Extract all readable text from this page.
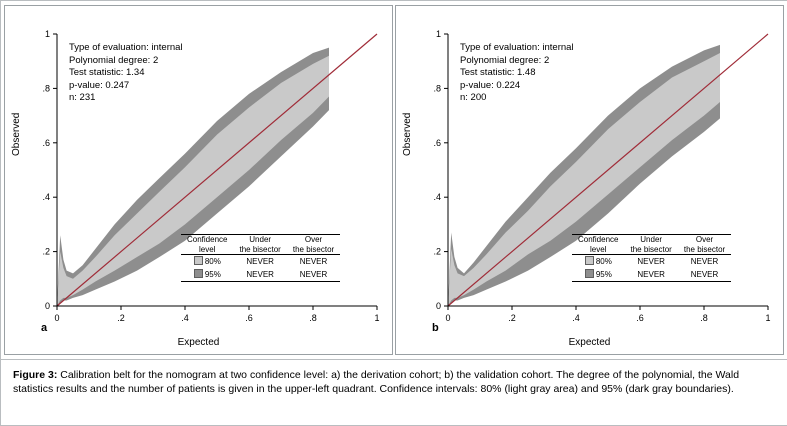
0
.2
.4
.6
.8
1
0	.2	.4	.6	.8	1
Observed
Expected
a
Type of evaluation: internal
Polynomial degree: 2
Test statistic: 1.34
p-value: 0.247
n: 231
Confidence	Under	Over
level	the bisector	the bisector
80%	NEVER	NEVER
95%	NEVER	NEVER
0
.2
.4
.6
.8
1
0	.2	.4	.6	.8	1
Observed
Expected
b
Type of evaluation: internal
Polynomial degree: 2
Test statistic: 1.48
p-value: 0.224
n: 200
Confidence	Under	Over
level	the bisector	the bisector
80%	NEVER	NEVER
95%	NEVER	NEVER
Figure 3: Calibration belt for the nomogram at two confidence level: a) the derivation cohort; b) the validation cohort. The degree of the polynomial, the Wald statistics results and the number of patients is given in the upper-left quadrant. Confidence intervals: 80% (light gray area) and 95% (dark gray boundaries).
